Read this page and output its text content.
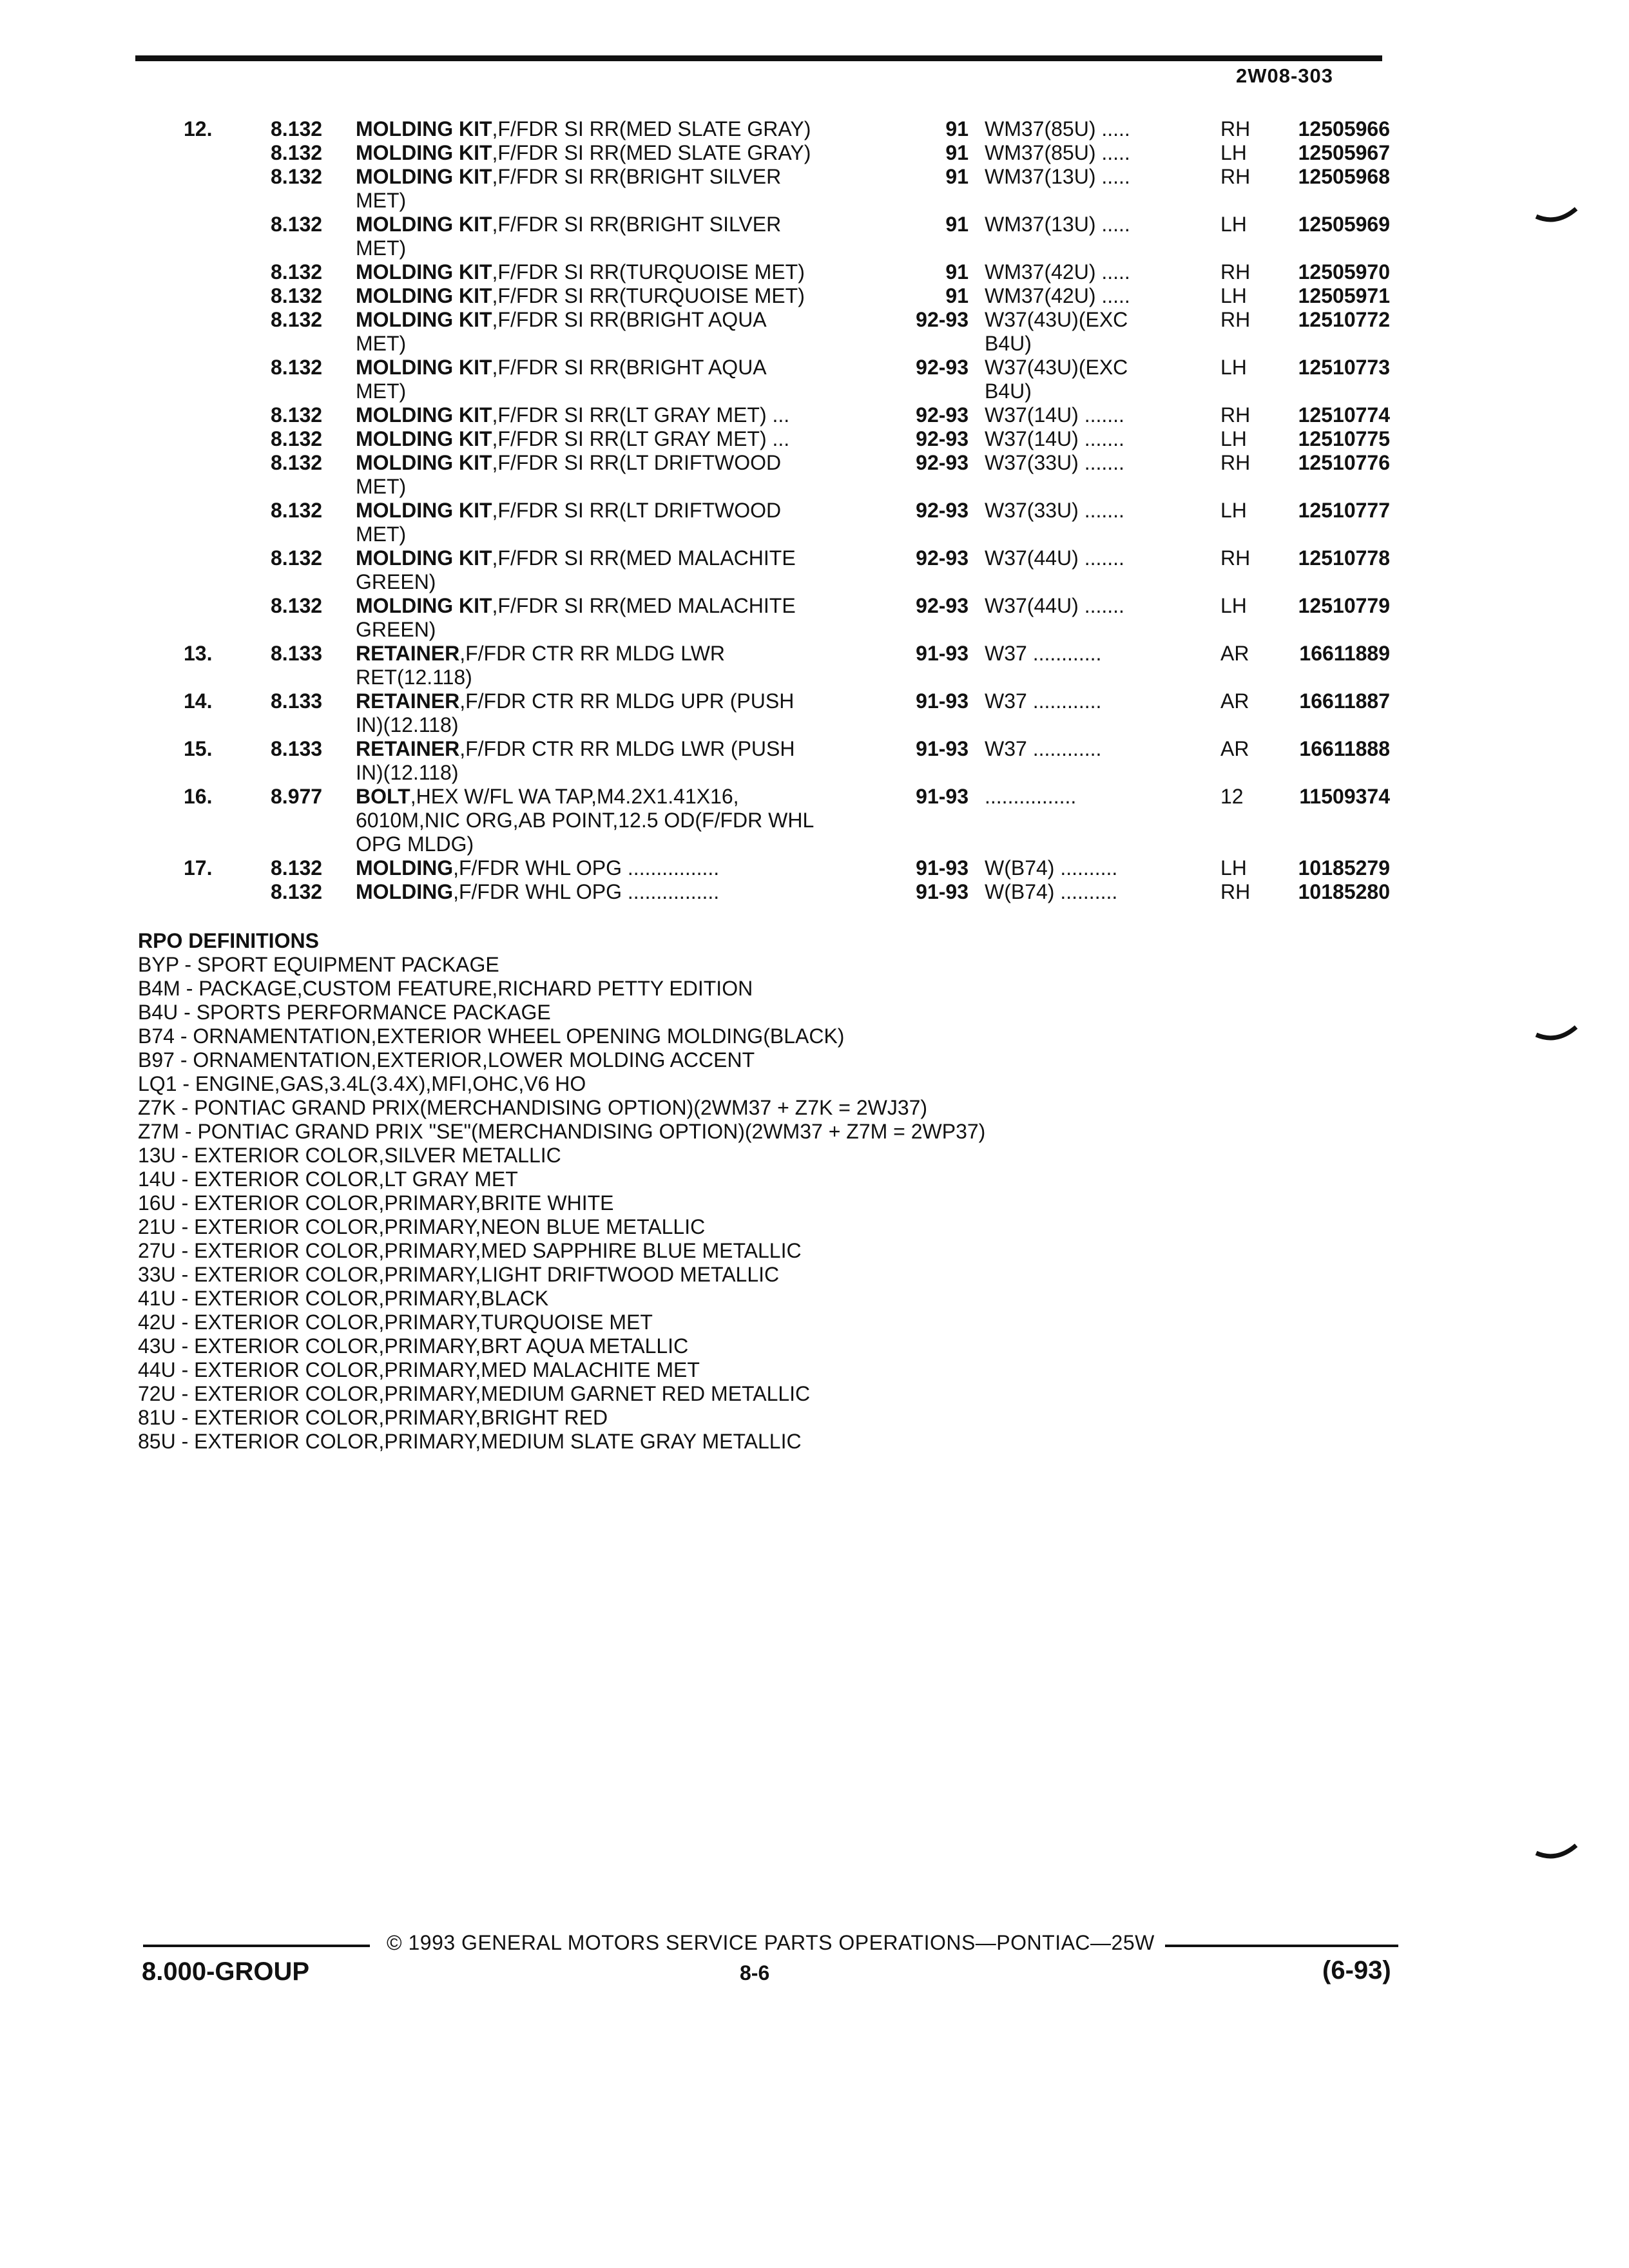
2W08-303
12.	8.132 MOLDING KIT,F/FDR SI RR(MED SLATE GRAY)	91 WM37(85U) .....	RH 12505966
8.132 MOLDING KIT,F/FDR SI RR(MED SLATE GRAY)	91 WM37(85U) .....	LH 12505967
8.132 MOLDING KIT,F/FDR SI RR(BRIGHT SILVER	91 WM37(13U) .....	RH 12505968
MET)
8.132 MOLDING KIT,F/FDR SI RR(BRIGHT SILVER	91 WM37(13U) .....	LH 12505969
MET)
8.132 MOLDING KIT,F/FDR SI RR(TURQUOISE MET)	91 WM37(42U) .....	RH 12505970
8.132 MOLDING KIT,F/FDR SI RR(TURQUOISE MET)	91 WM37(42U) .....	LH 12505971
8.132 MOLDING KIT,F/FDR SI RR(BRIGHT AQUA	92-93 W37(43U)(EXC	RH 12510772
MET)	B4U)
8.132 MOLDING KIT,F/FDR SI RR(BRIGHT AQUA	92-93 W37(43U)(EXC	LH 12510773
MET)	B4U)
8.132 MOLDING KIT,F/FDR SI RR(LT GRAY MET) ...	92-93 W37(14U) .......	RH 12510774
8.132 MOLDING KIT,F/FDR SI RR(LT GRAY MET) ...	92-93 W37(14U) .......	LH 12510775
8.132 MOLDING KIT,F/FDR SI RR(LT DRIFTWOOD	92-93 W37(33U) .......	RH 12510776
MET)
8.132 MOLDING KIT,F/FDR SI RR(LT DRIFTWOOD	92-93 W37(33U) .......	LH 12510777
MET)
8.132 MOLDING KIT,F/FDR SI RR(MED MALACHITE	92-93 W37(44U) .......	RH 12510778
GREEN)
8.132 MOLDING KIT,F/FDR SI RR(MED MALACHITE	92-93 W37(44U) .......	LH 12510779
GREEN)
13.	8.133 RETAINER,F/FDR CTR RR MLDG LWR	91-93 W37 ............	AR 16611889
RET(12.118)
14.	8.133 RETAINER,F/FDR CTR RR MLDG UPR (PUSH	91-93 W37 ............	AR 16611887
IN)(12.118)
15.	8.133 RETAINER,F/FDR CTR RR MLDG LWR (PUSH	91-93 W37 ............	AR 16611888
IN)(12.118)
16.	8.977 BOLT,HEX W/FL WA TAP,M4.2X1.41X16,	91-93 ................	12	11509374
6010M,NIC ORG,AB POINT,12.5 OD(F/FDR WHL
OPG MLDG)
17.	8.132 MOLDING,F/FDR WHL OPG ................	91-93 W(B74) ..........	LH 10185279
8.132 MOLDING,F/FDR WHL OPG ................	91-93 W(B74) ..........	RH 10185280
RPO DEFINITIONS
BYP - SPORT EQUIPMENT PACKAGE
B4M - PACKAGE,CUSTOM FEATURE,RICHARD PETTY EDITION
B4U - SPORTS PERFORMANCE PACKAGE
B74 - ORNAMENTATION,EXTERIOR WHEEL OPENING MOLDING(BLACK)
B97 - ORNAMENTATION,EXTERIOR,LOWER MOLDING ACCENT
LQ1 - ENGINE,GAS,3.4L(3.4X),MFI,OHC,V6 HO
Z7K - PONTIAC GRAND PRIX(MERCHANDISING OPTION)(2WM37 + Z7K = 2WJ37)
Z7M - PONTIAC GRAND PRIX "SE"(MERCHANDISING OPTION)(2WM37 + Z7M = 2WP37)
13U - EXTERIOR COLOR,SILVER METALLIC
14U - EXTERIOR COLOR,LT GRAY MET
16U - EXTERIOR COLOR,PRIMARY,BRITE WHITE
21U - EXTERIOR COLOR,PRIMARY,NEON BLUE METALLIC
27U - EXTERIOR COLOR,PRIMARY,MED SAPPHIRE BLUE METALLIC
33U - EXTERIOR COLOR,PRIMARY,LIGHT DRIFTWOOD METALLIC
41U - EXTERIOR COLOR,PRIMARY,BLACK
42U - EXTERIOR COLOR,PRIMARY,TURQUOISE MET
43U - EXTERIOR COLOR,PRIMARY,BRT AQUA METALLIC
44U - EXTERIOR COLOR,PRIMARY,MED MALACHITE MET
72U - EXTERIOR COLOR,PRIMARY,MEDIUM GARNET RED METALLIC
81U - EXTERIOR COLOR,PRIMARY,BRIGHT RED
85U - EXTERIOR COLOR,PRIMARY,MEDIUM SLATE GRAY METALLIC
© 1993 GENERAL MOTORS SERVICE PARTS OPERATIONS—PONTIAC—25W
8.000-GROUP	8-6	(6-93)
